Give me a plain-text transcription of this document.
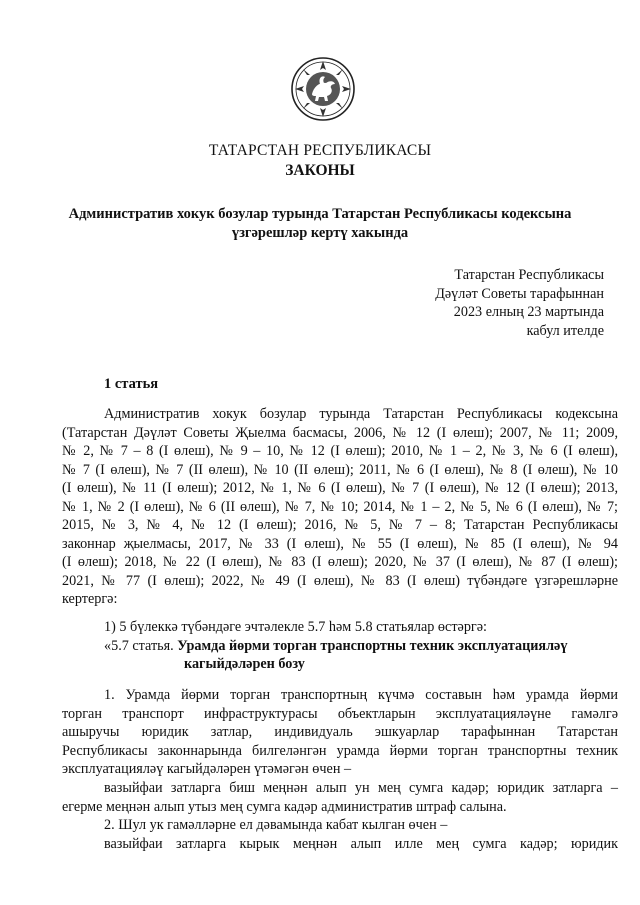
ТАТАРСТАН РЕСПУБЛИКАСЫ
ЗАКОНЫ
Административ хокук бозулар турында Татарстан Республикасы кодексына
үзгәрешләр кертү хакында
Татарстан Республикасы
Дәүләт Советы тарафыннан
2023 елның 23 мартында
кабул ителде
1 статья
Административ хокук бозулар турында Татарстан Республикасы кодексына
(Татарстан Дәүләт Советы Җыелма басмасы, 2006, № 12 (I өлеш); 2007, № 11; 2009,
№ 2, № 7 – 8 (I өлеш), № 9 – 10, № 12 (I өлеш); 2010, № 1 – 2, № 3, № 6 (I өлеш),
№ 7 (I өлеш), № 7 (II өлеш), № 10 (II өлеш); 2011, № 6 (I өлеш), № 8 (I өлеш), № 10
(I өлеш), № 11 (I өлеш); 2012, № 1, № 6 (I өлеш), № 7 (I өлеш), № 12 (I өлеш); 2013,
№ 1, № 2 (I өлеш), № 6 (II өлеш), № 7, № 10; 2014, № 1 – 2, № 5, № 6 (I өлеш), № 7;
2015, № 3, № 4, № 12 (I өлеш); 2016, № 5, № 7 – 8; Татарстан Республикасы
законнар җыелмасы, 2017, № 33 (I өлеш), № 55 (I өлеш), № 85 (I өлеш), № 94
(I өлеш); 2018, № 22 (I өлеш), № 83 (I өлеш); 2020, № 37 (I өлеш), № 87 (I өлеш);
2021, № 77 (I өлеш); 2022, № 49 (I өлеш), № 83 (I өлеш) түбәндәге үзгәрешләрне
кертергә:
1) 5 бүлеккә түбәндәге эчтәлекле 5.7 һәм 5.8 статьялар өстәргә:
«5.7 статья. Урамда йөрми торган транспортны техник эксплуатацияләү
кагыйдәләрен бозу
1. Урамда йөрми торган транспортның күчмә составын һәм урамда йөрми
торган транспорт инфраструктурасы объектларын эксплуатацияләүне гамәлгә
ашыручы юридик затлар, индивидуаль эшкуарлар тарафыннан Татарстан
Республикасы законнарында билгеләнгән урамда йөрми торган транспортны техник
эксплуатацияләү кагыйдәләрен үтәмәгән өчен –
вазыйфаи затларга биш меңнән алып ун мең сумга кадәр; юридик затларга –
егерме меңнән алып утыз мең сумга кадәр административ штраф салына.
2. Шул ук гамәлләрне ел дәвамында кабат кылган өчен –
вазыйфаи затларга кырык меңнән алып илле мең сумга кадәр; юридик
